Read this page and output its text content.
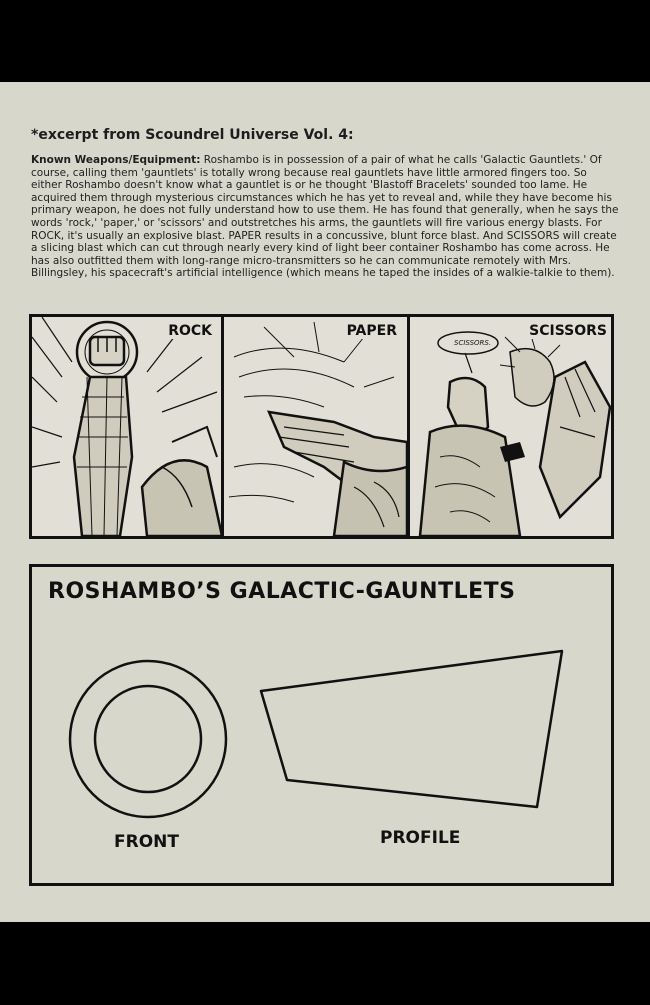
*excerpt from Scoundrel Universe Vol. 4:
Known Weapons/Equipment: Roshambo is in possession of a pair of what he calls 'Galactic Gauntlets.' Of course, calling them 'gauntlets' is totally wrong because real gauntlets have little armored fingers too. So either Roshambo doesn't know what a gauntlet is or he thought 'Blastoff Bracelets' sounded too lame. He acquired them through mysterious circumstances which he has yet to reveal and, while they have become his primary weapon, he does not fully understand how to use them. He has found that generally, when he says the words 'rock,' 'paper,' or 'scissors' and outstretches his arms, the gauntlets will fire various energy blasts. For ROCK, it's usually an explosive blast. PAPER results in a concussive, blunt force blast. And SCISSORS will create a slicing blast which can cut through nearly every kind of light beer container Roshambo has come across. He has also outfitted them with long-range micro-transmitters so he can communicate remotely with Mrs. Billingsley, his spacecraft's artificial intelligence (which means he taped the insides of a walkie-talkie to them).
ROCK	PAPER	SCISSORS
SCISSORS.
ROSHAMBO’S GALACTIC-GAUNTLETS
FRONT	PROFILE
